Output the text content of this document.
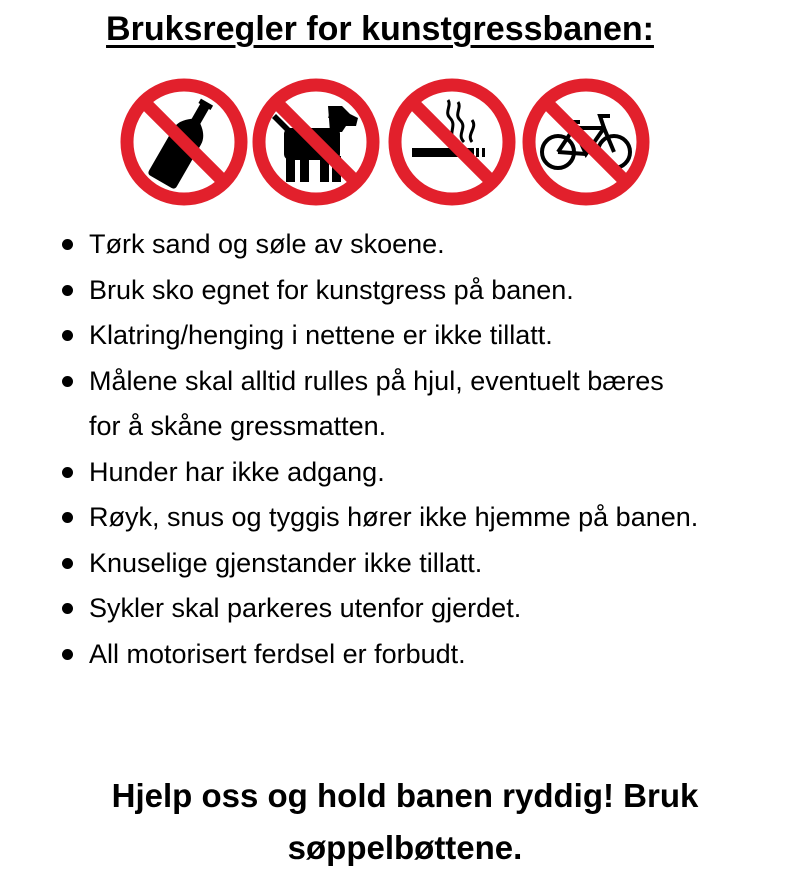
Bruksregler for kunstgressbanen:
Tørk sand og søle av skoene.
Bruk sko egnet for kunstgress på banen.
Klatring/henging i nettene er ikke tillatt.
Målene skal alltid rulles på hjul, eventuelt bæres for å skåne gressmatten.
Hunder har ikke adgang.
Røyk, snus og tyggis hører ikke hjemme på banen.
Knuselige gjenstander ikke tillatt.
Sykler skal parkeres utenfor gjerdet.
All motorisert ferdsel er forbudt.
Hjelp oss og hold banen ryddig! Bruk søppelbøttene.
